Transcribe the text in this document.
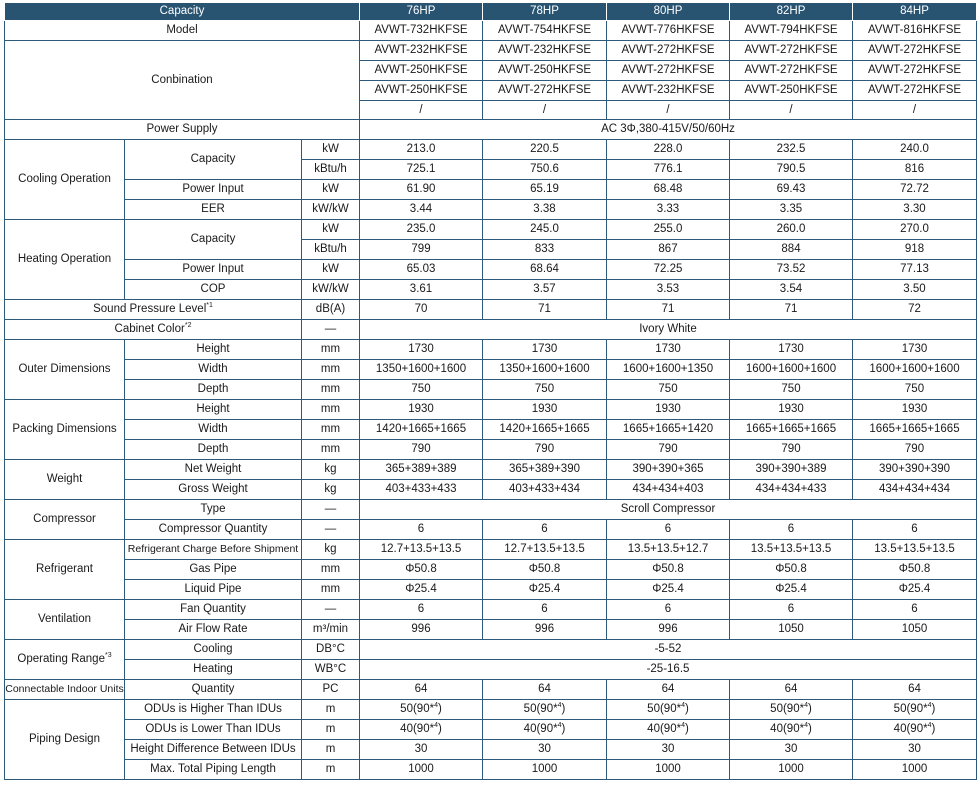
Capacity			76HP	78HP	80HP	82HP	84HP
Model			AVWT-732HKFSE	AVWT-754HKFSE	AVWT-776HKFSE	AVWT-794HKFSE	AVWT-816HKFSE
Conbination			AVWT-232HKFSE	AVWT-232HKFSE	AVWT-272HKFSE	AVWT-272HKFSE	AVWT-272HKFSE
			AVWT-250HKFSE	AVWT-250HKFSE	AVWT-272HKFSE	AVWT-272HKFSE	AVWT-272HKFSE
			AVWT-250HKFSE	AVWT-272HKFSE	AVWT-232HKFSE	AVWT-250HKFSE	AVWT-272HKFSE
			/	/	/	/	/
Power Supply			AC 3Φ,380-415V/50/60Hz				
Cooling Operation	Capacity	kW	213.0	220.5	228.0	232.5	240.0
		kBtu/h	725.1	750.6	776.1	790.5	816
	Power Input	kW	61.90	65.19	68.48	69.43	72.72
	EER	kW/kW	3.44	3.38	3.33	3.35	3.30
Heating Operation	Capacity	kW	235.0	245.0	255.0	260.0	270.0
		kBtu/h	799	833	867	884	918
	Power Input	kW	65.03	68.64	72.25	73.52	77.13
	COP	kW/kW	3.61	3.57	3.53	3.54	3.50
Sound Pressure Level$^{*1}$		dB(A)	70	71	71	71	72
Cabinet Color$^{*2}$		—	Ivory White				
Outer Dimensions	Height	mm	1730	1730	1730	1730	1730
	Width	mm	1350+1600+1600	1350+1600+1600	1600+1600+1350	1600+1600+1600	1600+1600+1600
	Depth	mm	750	750	750	750	750
Packing Dimensions	Height	mm	1930	1930	1930	1930	1930
	Width	mm	1420+1665+1665	1420+1665+1665	1665+1665+1420	1665+1665+1665	1665+1665+1665
	Depth	mm	790	790	790	790	790
Weight	Net Weight	kg	365+389+389	365+389+390	390+390+365	390+390+389	390+390+390
	Gross Weight	kg	403+433+433	403+433+434	434+434+403	434+434+433	434+434+434
Compressor	Type	—	Scroll Compressor				
	Compressor Quantity	—	6	6	6	6	6
Refrigerant	Refrigerant Charge Before Shipment	kg	12.7+13.5+13.5	12.7+13.5+13.5	13.5+13.5+12.7	13.5+13.5+13.5	13.5+13.5+13.5
	Gas Pipe	mm	Φ50.8	Φ50.8	Φ50.8	Φ50.8	Φ50.8
	Liquid Pipe	mm	Φ25.4	Φ25.4	Φ25.4	Φ25.4	Φ25.4
Ventilation	Fan Quantity	—	6	6	6	6	6
	Air Flow Rate	m³/min	996	996	996	1050	1050
Operating Range$^{*3}$	Cooling	DB°C	-5-52				
	Heating	WB°C	-25-16.5				
Connectable Indoor Units	Quantity	PC	64	64	64	64	64
Piping Design	ODUs is Higher Than IDUs	m	50(90*$^4$)	50(90*$^4$)	50(90*$^4$)	50(90*$^4$)	50(90*$^4$)
	ODUs is Lower Than IDUs	m	40(90*$^4$)	40(90*$^4$)	40(90*$^4$)	40(90*$^4$)	40(90*$^4$)
	Height Difference Between IDUs	m	30	30	30	30	30
	Max. Total Piping Length	m	1000	1000	1000	1000	1000
